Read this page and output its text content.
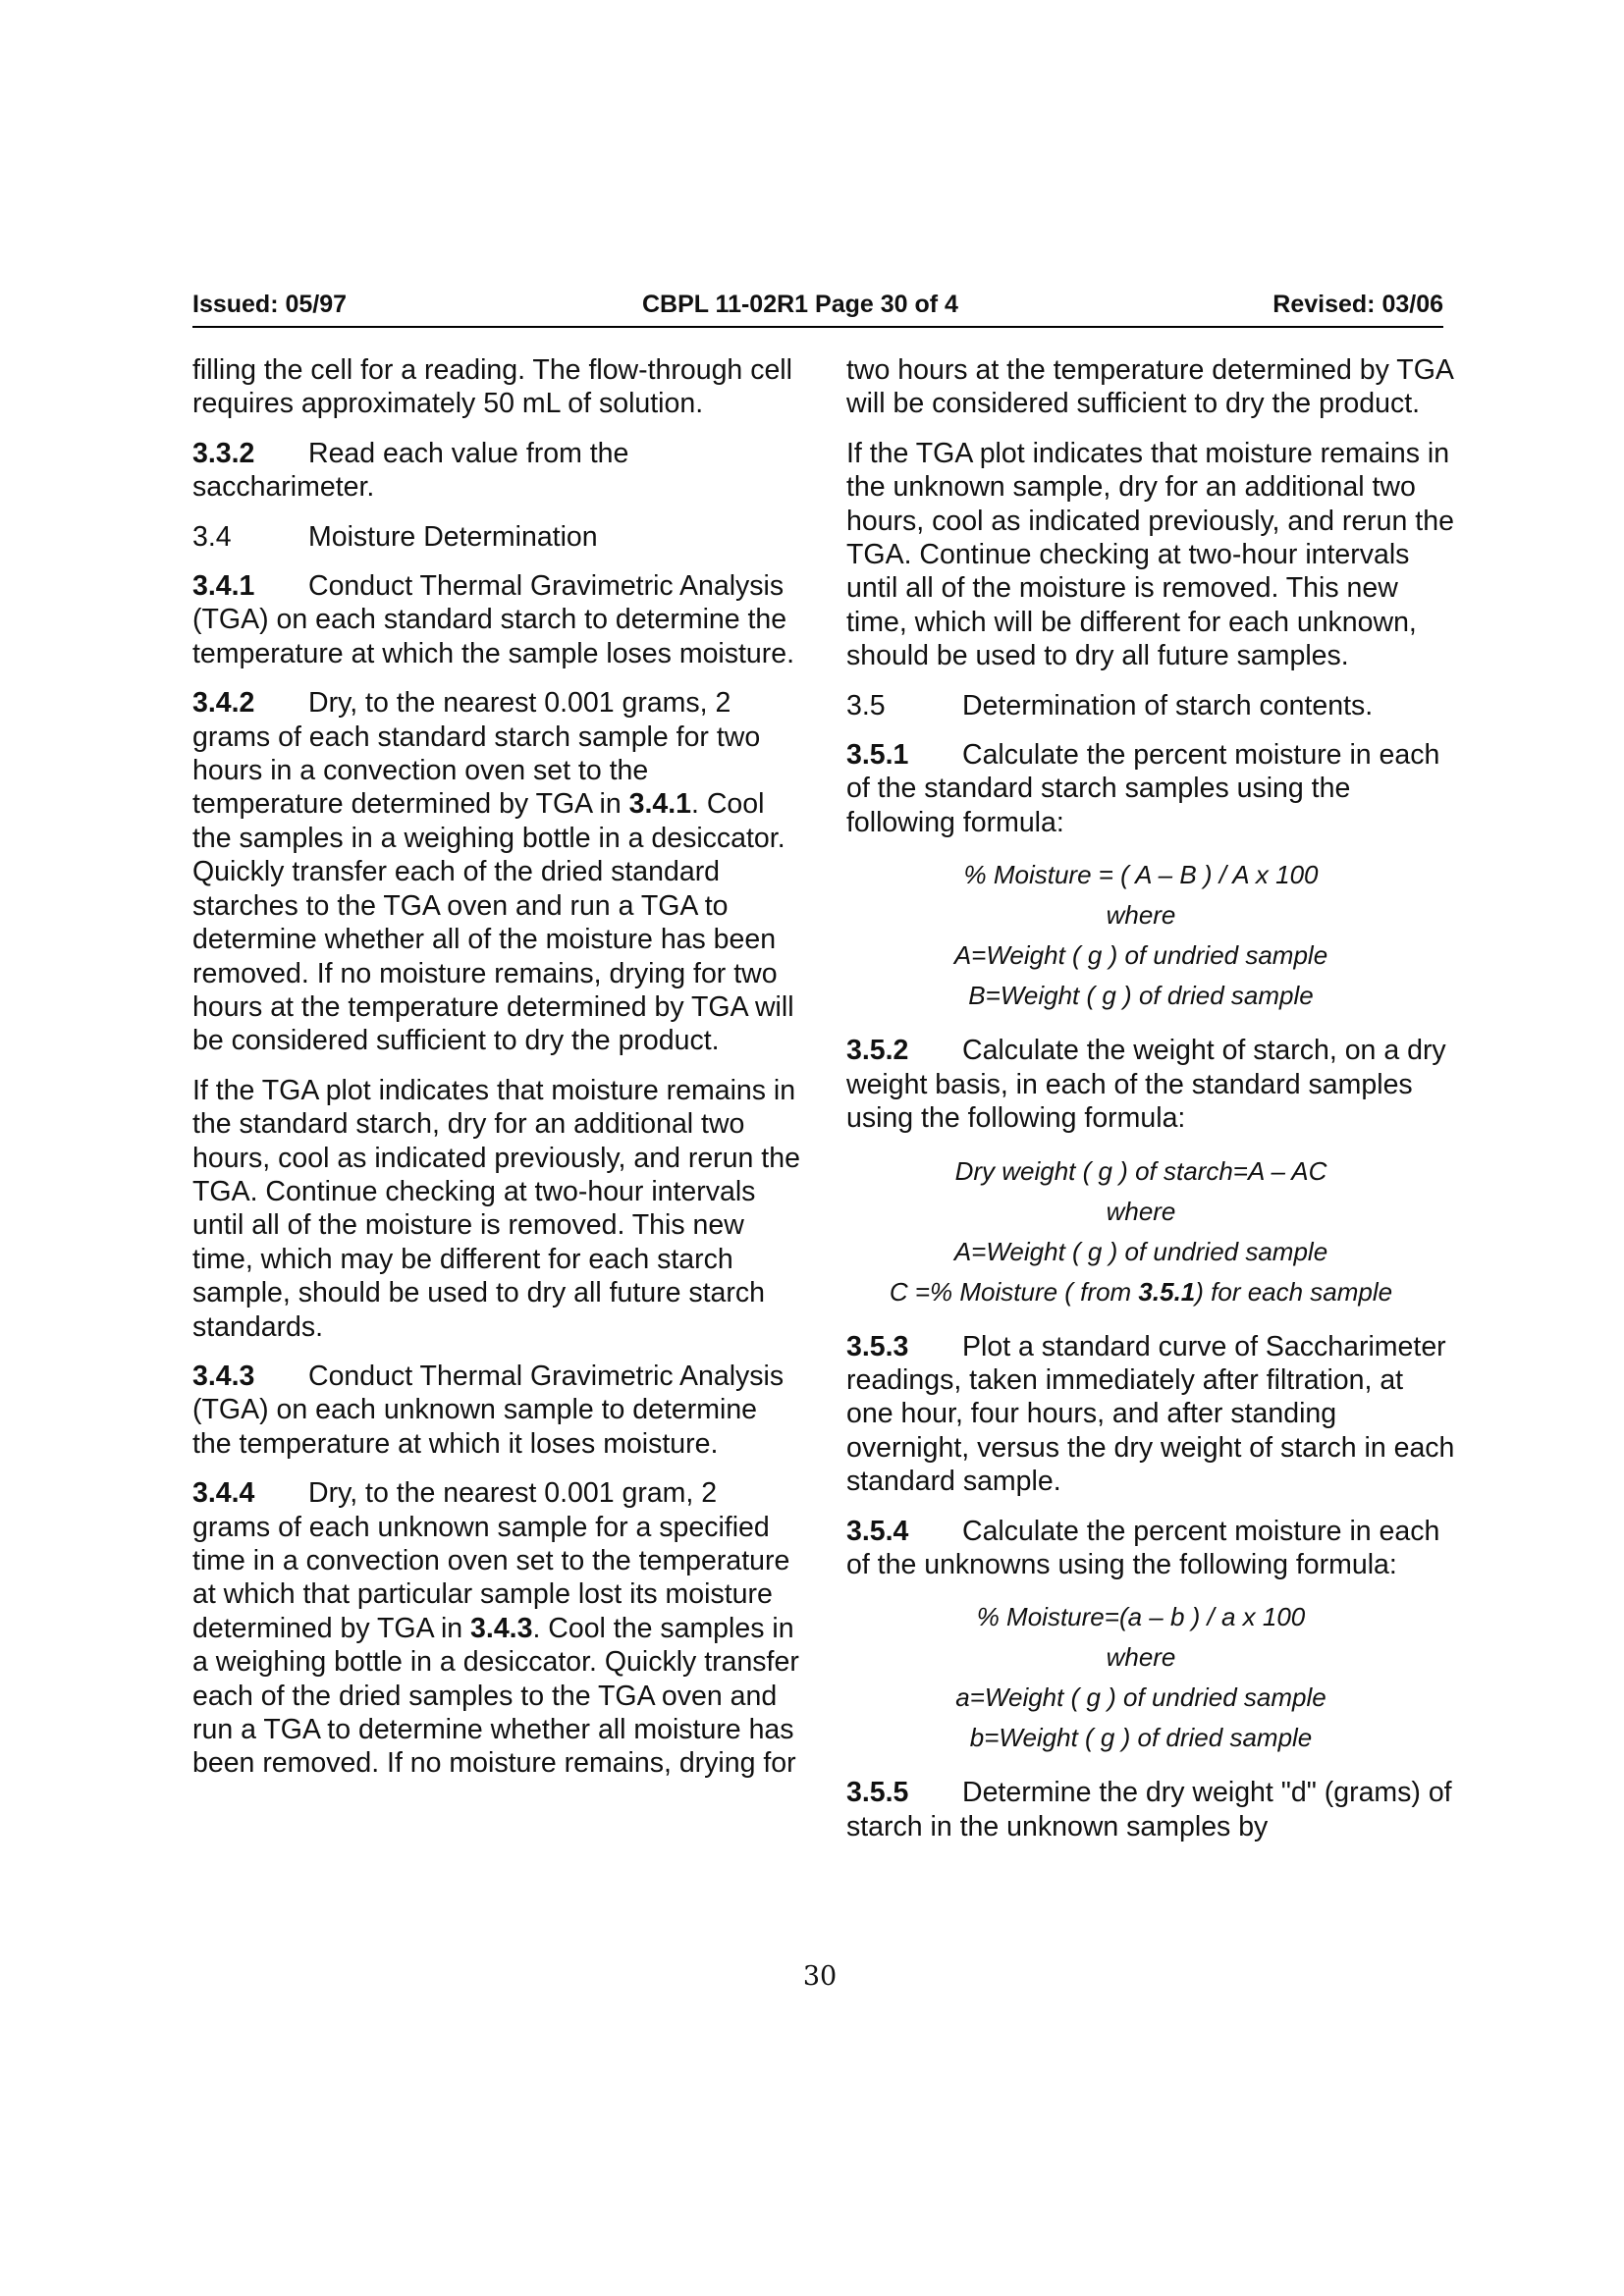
Issued: 05/97	CBPL 11-02R1 Page 30 of 4	Revised: 03/06

filling the cell for a reading. The flow-through cell requires approximately 50 mL of solution.

3.3.2 Read each value from the saccharimeter.

3.4	Moisture Determination

3.4.1 Conduct Thermal Gravimetric Analysis (TGA) on each standard starch to determine the temperature at which the sample loses moisture.

3.4.2 Dry, to the nearest 0.001 grams, 2 grams of each standard starch sample for two hours in a convection oven set to the temperature determined by TGA in 3.4.1. Cool the samples in a weighing bottle in a desiccator. Quickly transfer each of the dried standard starches to the TGA oven and run a TGA to determine whether all of the moisture has been removed. If no moisture remains, drying for two hours at the temperature determined by TGA will be considered sufficient to dry the product.

If the TGA plot indicates that moisture remains in the standard starch, dry for an additional two hours, cool as indicated previously, and rerun the TGA. Continue checking at two-hour intervals until all of the moisture is removed. This new time, which may be different for each starch sample, should be used to dry all future starch standards.

3.4.3 Conduct Thermal Gravimetric Analysis (TGA) on each unknown sample to determine the temperature at which it loses moisture.

3.4.4 Dry, to the nearest 0.001 gram, 2 grams of each unknown sample for a specified time in a convection oven set to the temperature at which that particular sample lost its moisture determined by TGA in 3.4.3. Cool the samples in a weighing bottle in a desiccator. Quickly transfer each of the dried samples to the TGA oven and run a TGA to determine whether all moisture has been removed. If no moisture remains, drying for

two hours at the temperature determined by TGA will be considered sufficient to dry the product.

If the TGA plot indicates that moisture remains in the unknown sample, dry for an additional two hours, cool as indicated previously, and rerun the TGA. Continue checking at two-hour intervals until all of the moisture is removed. This new time, which will be different for each unknown, should be used to dry all future samples.

3.5	Determination of starch contents.

3.5.1 Calculate the percent moisture in each of the standard starch samples using the following formula:

% Moisture = ( A – B ) / A x 100
where
A=Weight ( g ) of undried sample
B=Weight ( g ) of dried sample

3.5.2 Calculate the weight of starch, on a dry weight basis, in each of the standard samples using the following formula:

Dry weight ( g ) of starch=A – AC
where
A=Weight ( g ) of undried sample
C =% Moisture ( from 3.5.1) for each sample

3.5.3 Plot a standard curve of Saccharimeter readings, taken immediately after filtration, at one hour, four hours, and after standing overnight, versus the dry weight of starch in each standard sample.

3.5.4 Calculate the percent moisture in each of the unknowns using the following formula:

% Moisture=(a – b ) / a x 100
where
a=Weight ( g ) of undried sample
b=Weight ( g ) of dried sample

3.5.5 Determine the dry weight "d" (grams) of starch in the unknown samples by

30
